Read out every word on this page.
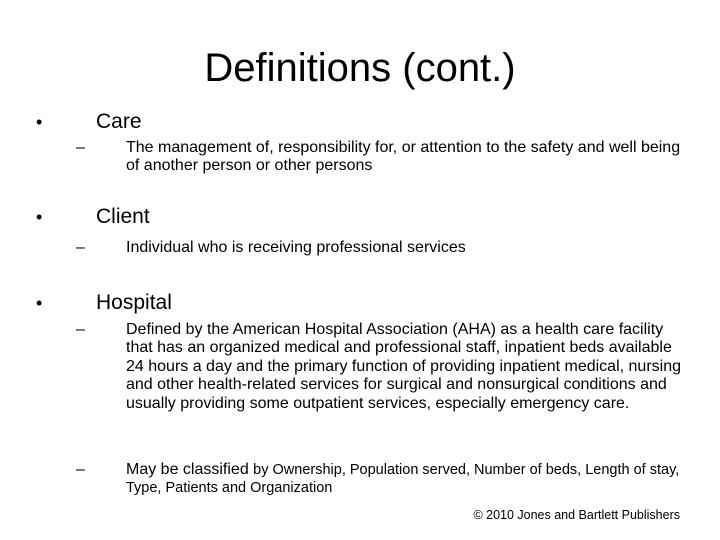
Definitions (cont.)
•	Care
–	The management of, responsibility for, or attention to the safety and well being of another person or other persons
•	Client
–	Individual who is receiving professional services
•	Hospital
–	Defined by the American Hospital Association (AHA) as a health care facility that has an organized medical and professional staff, inpatient beds available 24 hours a day and the primary function of providing inpatient medical, nursing and other health-related services for surgical and nonsurgical conditions and usually providing some outpatient services, especially emergency care.
–	May be classified by Ownership, Population served, Number of beds, Length of stay, Type, Patients and Organization
© 2010 Jones and Bartlett Publishers
